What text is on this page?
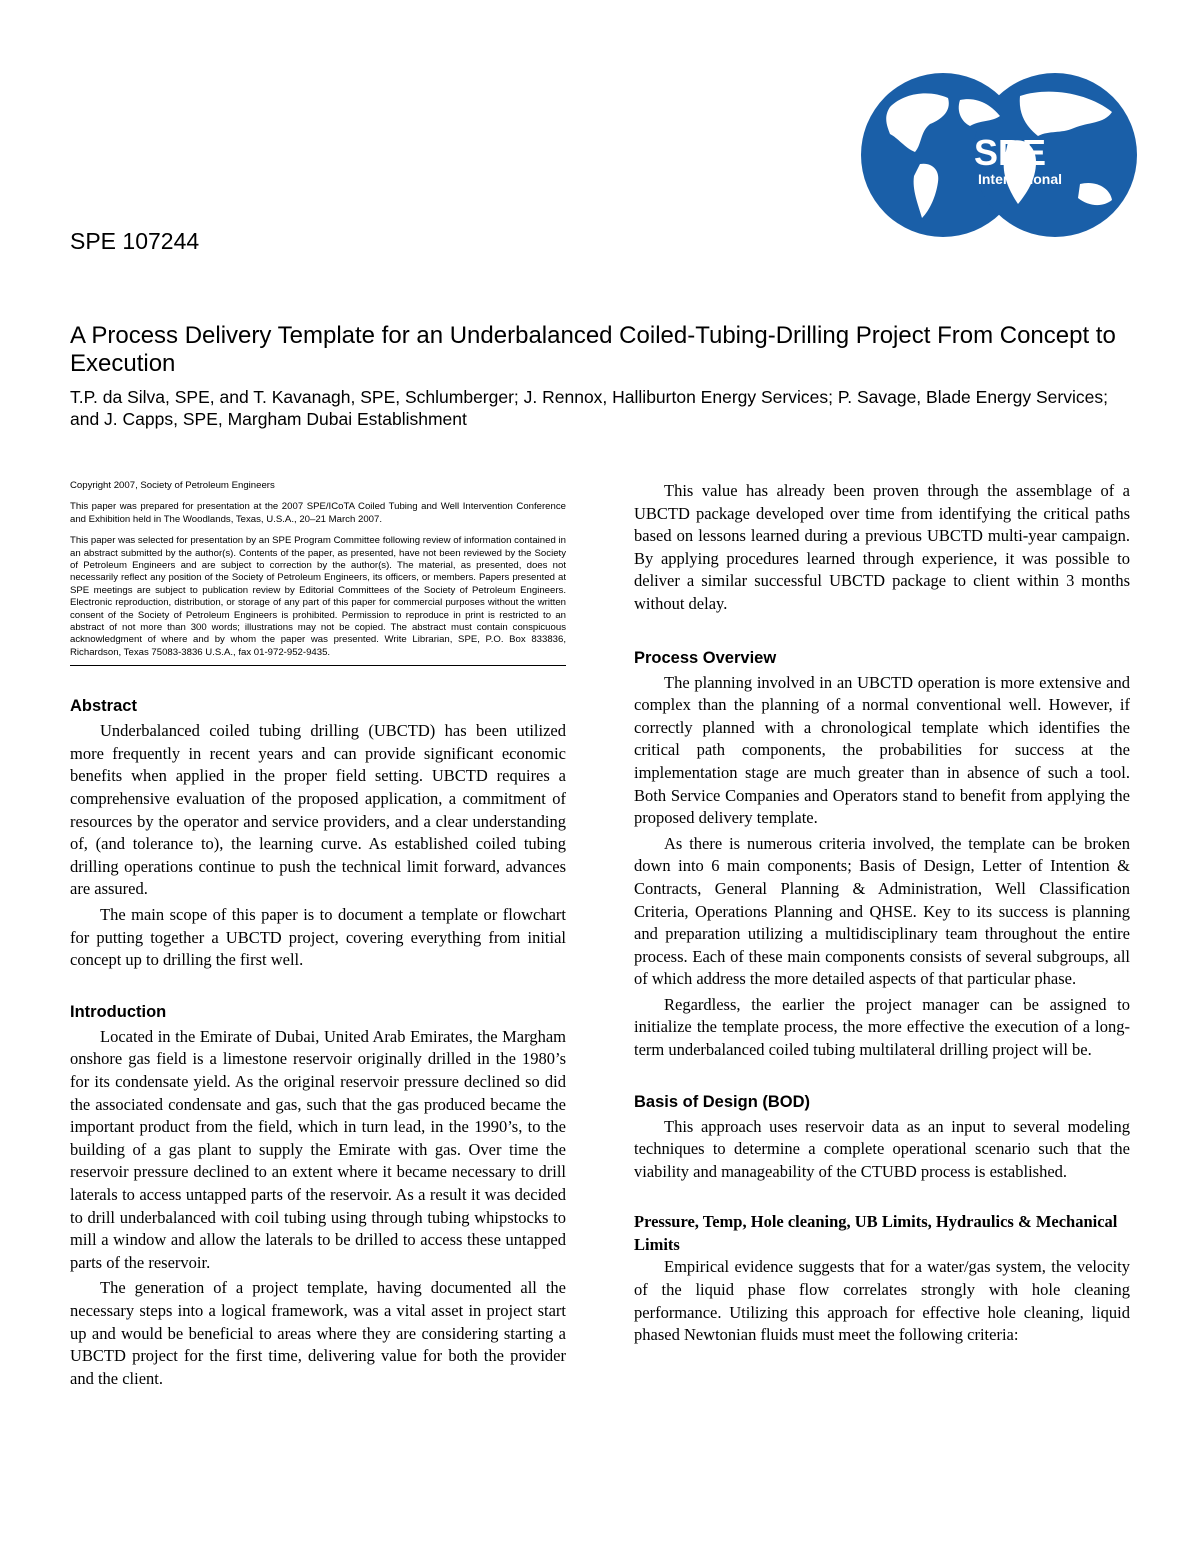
SPE
International
SPE 107244
A Process Delivery Template for an Underbalanced Coiled-Tubing-Drilling Project From Concept to Execution
T.P. da Silva, SPE, and T. Kavanagh, SPE, Schlumberger; J. Rennox, Halliburton Energy Services; P. Savage, Blade Energy Services; and J. Capps, SPE, Margham Dubai Establishment

Copyright 2007, Society of Petroleum Engineers

This paper was prepared for presentation at the 2007 SPE/ICoTA Coiled Tubing and Well Intervention Conference and Exhibition held in The Woodlands, Texas, U.S.A., 20–21 March 2007.

This paper was selected for presentation by an SPE Program Committee following review of information contained in an abstract submitted by the author(s). Contents of the paper, as presented, have not been reviewed by the Society of Petroleum Engineers and are subject to correction by the author(s). The material, as presented, does not necessarily reflect any position of the Society of Petroleum Engineers, its officers, or members. Papers presented at SPE meetings are subject to publication review by Editorial Committees of the Society of Petroleum Engineers. Electronic reproduction, distribution, or storage of any part of this paper for commercial purposes without the written consent of the Society of Petroleum Engineers is prohibited. Permission to reproduce in print is restricted to an abstract of not more than 300 words; illustrations may not be copied. The abstract must contain conspicuous acknowledgment of where and by whom the paper was presented. Write Librarian, SPE, P.O. Box 833836, Richardson, Texas 75083-3836 U.S.A., fax 01-972-952-9435.

Abstract

Underbalanced coiled tubing drilling (UBCTD) has been utilized more frequently in recent years and can provide significant economic benefits when applied in the proper field setting. UBCTD requires a comprehensive evaluation of the proposed application, a commitment of resources by the operator and service providers, and a clear understanding of, (and tolerance to), the learning curve. As established coiled tubing drilling operations continue to push the technical limit forward, advances are assured.

The main scope of this paper is to document a template or flowchart for putting together a UBCTD project, covering everything from initial concept up to drilling the first well.

Introduction

Located in the Emirate of Dubai, United Arab Emirates, the Margham onshore gas field is a limestone reservoir originally drilled in the 1980’s for its condensate yield. As the original reservoir pressure declined so did the associated condensate and gas, such that the gas produced became the important product from the field, which in turn lead, in the 1990’s, to the building of a gas plant to supply the Emirate with gas. Over time the reservoir pressure declined to an extent where it became necessary to drill laterals to access untapped parts of the reservoir. As a result it was decided to drill underbalanced with coil tubing using through tubing whipstocks to mill a window and allow the laterals to be drilled to access these untapped parts of the reservoir.

The generation of a project template, having documented all the necessary steps into a logical framework, was a vital asset in project start up and would be beneficial to areas where they are considering starting a UBCTD project for the first time, delivering value for both the provider and the client.

This value has already been proven through the assemblage of a UBCTD package developed over time from identifying the critical paths based on lessons learned during a previous UBCTD multi-year campaign. By applying procedures learned through experience, it was possible to deliver a similar successful UBCTD package to client within 3 months without delay.

Process Overview

The planning involved in an UBCTD operation is more extensive and complex than the planning of a normal conventional well. However, if correctly planned with a chronological template which identifies the critical path components, the probabilities for success at the implementation stage are much greater than in absence of such a tool. Both Service Companies and Operators stand to benefit from applying the proposed delivery template.

As there is numerous criteria involved, the template can be broken down into 6 main components; Basis of Design, Letter of Intention & Contracts, General Planning & Administration, Well Classification Criteria, Operations Planning and QHSE. Key to its success is planning and preparation utilizing a multidisciplinary team throughout the entire process. Each of these main components consists of several subgroups, all of which address the more detailed aspects of that particular phase.

Regardless, the earlier the project manager can be assigned to initialize the template process, the more effective the execution of a long-term underbalanced coiled tubing multilateral drilling project will be.

Basis of Design (BOD)

This approach uses reservoir data as an input to several modeling techniques to determine a complete operational scenario such that the viability and manageability of the CTUBD process is established.

Pressure, Temp, Hole cleaning, UB Limits, Hydraulics & Mechanical Limits

Empirical evidence suggests that for a water/gas system, the velocity of the liquid phase flow correlates strongly with hole cleaning performance. Utilizing this approach for effective hole cleaning, liquid phased Newtonian fluids must meet the following criteria:
